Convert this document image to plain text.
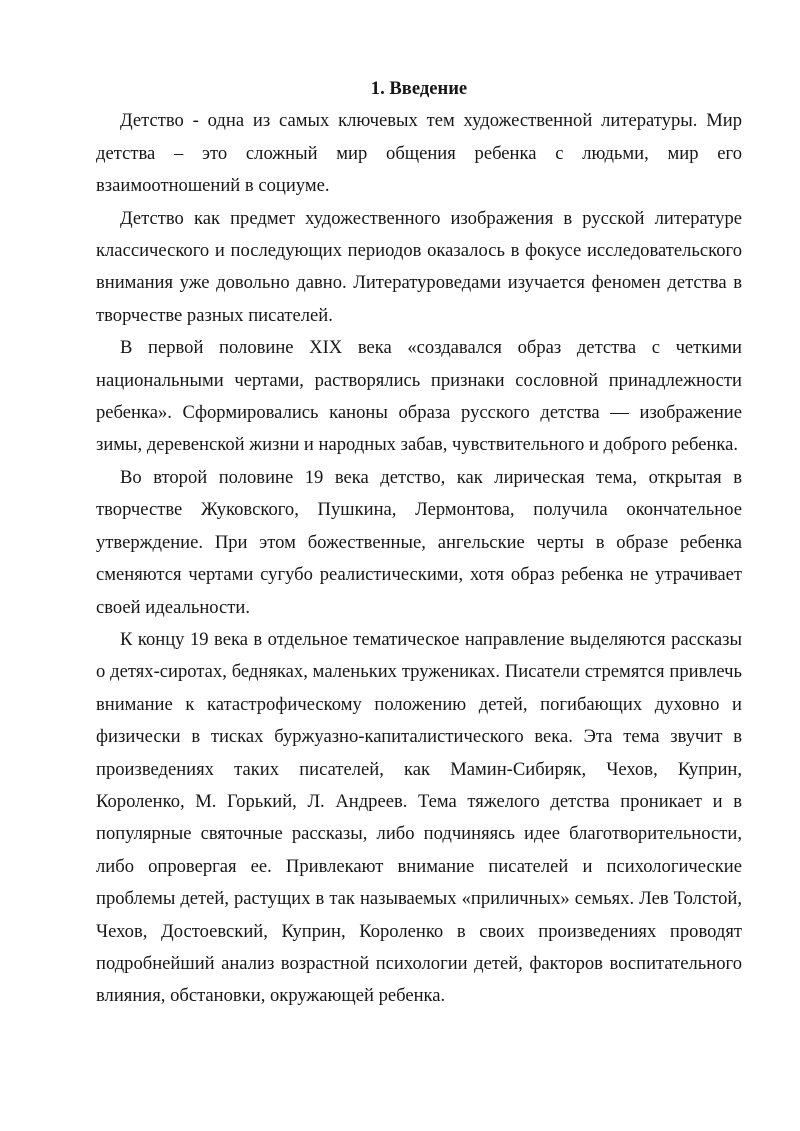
1. Введение

Детство - одна из самых ключевых тем художественной литературы. Мир детства – это сложный мир общения ребенка с людьми, мир его взаимоотношений в социуме.

Детство как предмет художественного изображения в русской литературе классического и последующих периодов оказалось в фокусе исследовательского внимания уже довольно давно. Литературоведами изучается феномен детства в творчестве разных писателей.

В первой половине XIX века «создавался образ детства с четкими национальными чертами, растворялись признаки сословной принадлежности ребенка». Сформировались каноны образа русского детства — изображение зимы, деревенской жизни и народных забав, чувствительного и доброго ребенка.

Во второй половине 19 века детство, как лирическая тема, открытая в творчестве Жуковского, Пушкина, Лермонтова, получила окончательное утверждение. При этом божественные, ангельские черты в образе ребенка сменяются чертами сугубо реалистическими, хотя образ ребенка не утрачивает своей идеальности.

К концу 19 века в отдельное тематическое направление выделяются рассказы о детях-сиротах, бедняках, маленьких тружениках. Писатели стремятся привлечь внимание к катастрофическому положению детей, погибающих духовно и физически в тисках буржуазно-капиталистического века. Эта тема звучит в произведениях таких писателей, как Мамин-Сибиряк, Чехов, Куприн, Короленко, М. Горький, Л. Андреев. Тема тяжелого детства проникает и в популярные святочные рассказы, либо подчиняясь идее благотворительности, либо опровергая ее. Привлекают внимание писателей и психологические проблемы детей, растущих в так называемых «приличных» семьях. Лев Толстой, Чехов, Достоевский, Куприн, Короленко в своих произведениях проводят подробнейший анализ возрастной психологии детей, факторов воспитательного влияния, обстановки, окружающей ребенка.
